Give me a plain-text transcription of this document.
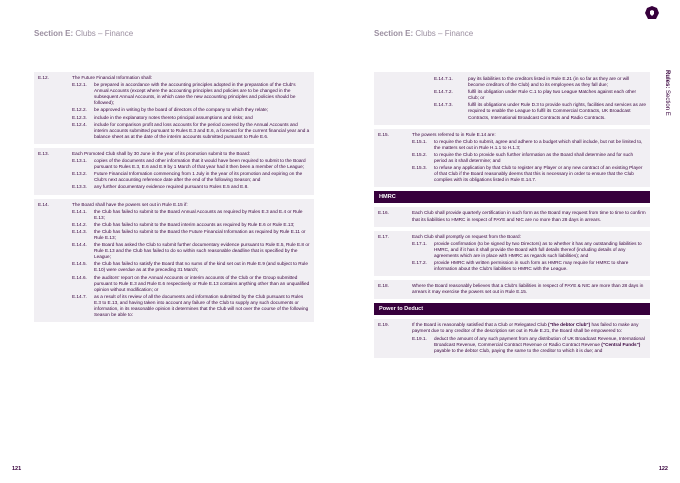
Section E: Clubs – Finance
E.12.	The Future Financial Information shall:
E.12.1.	be prepared in accordance with the accounting principles adopted in the preparation of the Club's Annual Accounts (except where the accounting principles and policies are to be changed in the subsequent Annual Accounts, in which case the new accounting principles and policies should be followed);
E.12.2.	be approved in writing by the board of directors of the company to which they relate;
E.12.3.	include in the explanatory notes thereto principal assumptions and risks; and
E.12.4.	include for comparison profit and loss accounts for the period covered by the Annual Accounts and interim accounts submitted pursuant to Rules E.3 and E.6, a forecast for the current financial year and a balance sheet as at the date of the interim accounts submitted pursuant to Rule E.6.
E.13.	Each Promoted Club shall by 30 June in the year of its promotion submit to the Board:
E.13.1.	copies of the documents and other information that it would have been required to submit to the Board pursuant to Rules E.3, E.6 and E.9 by 1 March of that year had it then been a member of the League;
E.13.2.	Future Financial Information commencing from 1 July in the year of its promotion and expiring on the Club's next accounting reference date after the end of the following Season; and
E.13.3.	any further documentary evidence required pursuant to Rules E.5 and E.8.
E.14.	The Board shall have the powers set out in Rule E.15 if:
E.14.1.	the Club has failed to submit to the Board Annual Accounts as required by Rules E.3 and E.4 or Rule E.13;
E.14.2.	the Club has failed to submit to the Board interim accounts as required by Rule E.6 or Rule E.13;
E.14.3.	the Club has failed to submit to the Board the Future Financial Information as required by Rule E.11 or Rule E.13;
E.14.4.	the Board has asked the Club to submit further documentary evidence pursuant to Rule E.5, Rule E.8 or Rule E.13 and the Club has failed to do so within such reasonable deadline that is specified by the League;
E.14.5.	the Club has failed to satisfy the Board that no sums of the kind set out in Rule E.9 (and subject to Rule E.10) were overdue as at the preceding 31 March;
E.14.6.	the auditors' report on the Annual Accounts or interim accounts of the Club or the Group submitted pursuant to Rule E.3 and Rule E.6 respectively or Rule E.13 contains anything other than an unqualified opinion without modification; or
E.14.7.	as a result of its review of all the documents and information submitted by the Club pursuant to Rules E.3 to E.13, and having taken into account any failure of the Club to supply any such documents or information, in its reasonable opinion it determines that the Club will not over the course of the following Season be able to:
121
Section E: Clubs – Finance
Rules: Section E
E.14.7.1.	pay its liabilities to the creditors listed in Rule E.21 (in so far as they are or will become creditors of the Club) and to its employees as they fall due;
E.14.7.2.	fulfil its obligation under Rule C.1 to play two League Matches against each other Club; or
E.14.7.3.	fulfil its obligations under Rule D.3 to provide such rights, facilities and services as are required to enable the League to fulfil its Commercial Contracts, UK Broadcast Contracts, International Broadcast Contracts and Radio Contracts.
E.15.	The powers referred to in Rule E.14 are:
E.15.1.	to require the Club to submit, agree and adhere to a budget which shall include, but not be limited to, the matters set out in Rule H.1.1 to H.1.3;
E.15.2.	to require the Club to provide such further information as the Board shall determine and for such period as it shall determine; and
E.15.3.	to refuse any application by that Club to register any Player or any new contract of an existing Player of that Club if the Board reasonably deems that this is necessary in order to ensure that the Club complies with its obligations listed in Rule E.14.7.
HMRC
E.16.	Each Club shall provide quarterly certification in such form as the Board may request from time to time to confirm that its liabilities to HMRC in respect of PAYE and NIC are no more than 28 days in arrears.
E.17.	Each Club shall promptly on request from the Board:
E.17.1.	provide confirmation (to be signed by two Directors) as to whether it has any outstanding liabilities to HMRC, and if it has it shall provide the Board with full details thereof (including details of any agreements which are in place with HMRC as regards such liabilities); and
E.17.2.	provide HMRC with written permission in such form as HMRC may require for HMRC to share information about the Club's liabilities to HMRC with the League.
E.18.	Where the Board reasonably believes that a Club's liabilities in respect of PAYE & NIC are more than 28 days in arrears it may exercise the powers set out in Rule E.15.
Power to Deduct
E.19.	If the Board is reasonably satisfied that a Club or Relegated Club ("the debtor Club") has failed to make any payment due to any creditor of the description set out in Rule E.21, the Board shall be empowered to:
E.19.1.	deduct the amount of any such payment from any distribution of UK Broadcast Revenue, International Broadcast Revenue, Commercial Contract Revenue or Radio Contract Revenue ("Central Funds") payable to the debtor Club, paying the same to the creditor to which it is due; and
122
